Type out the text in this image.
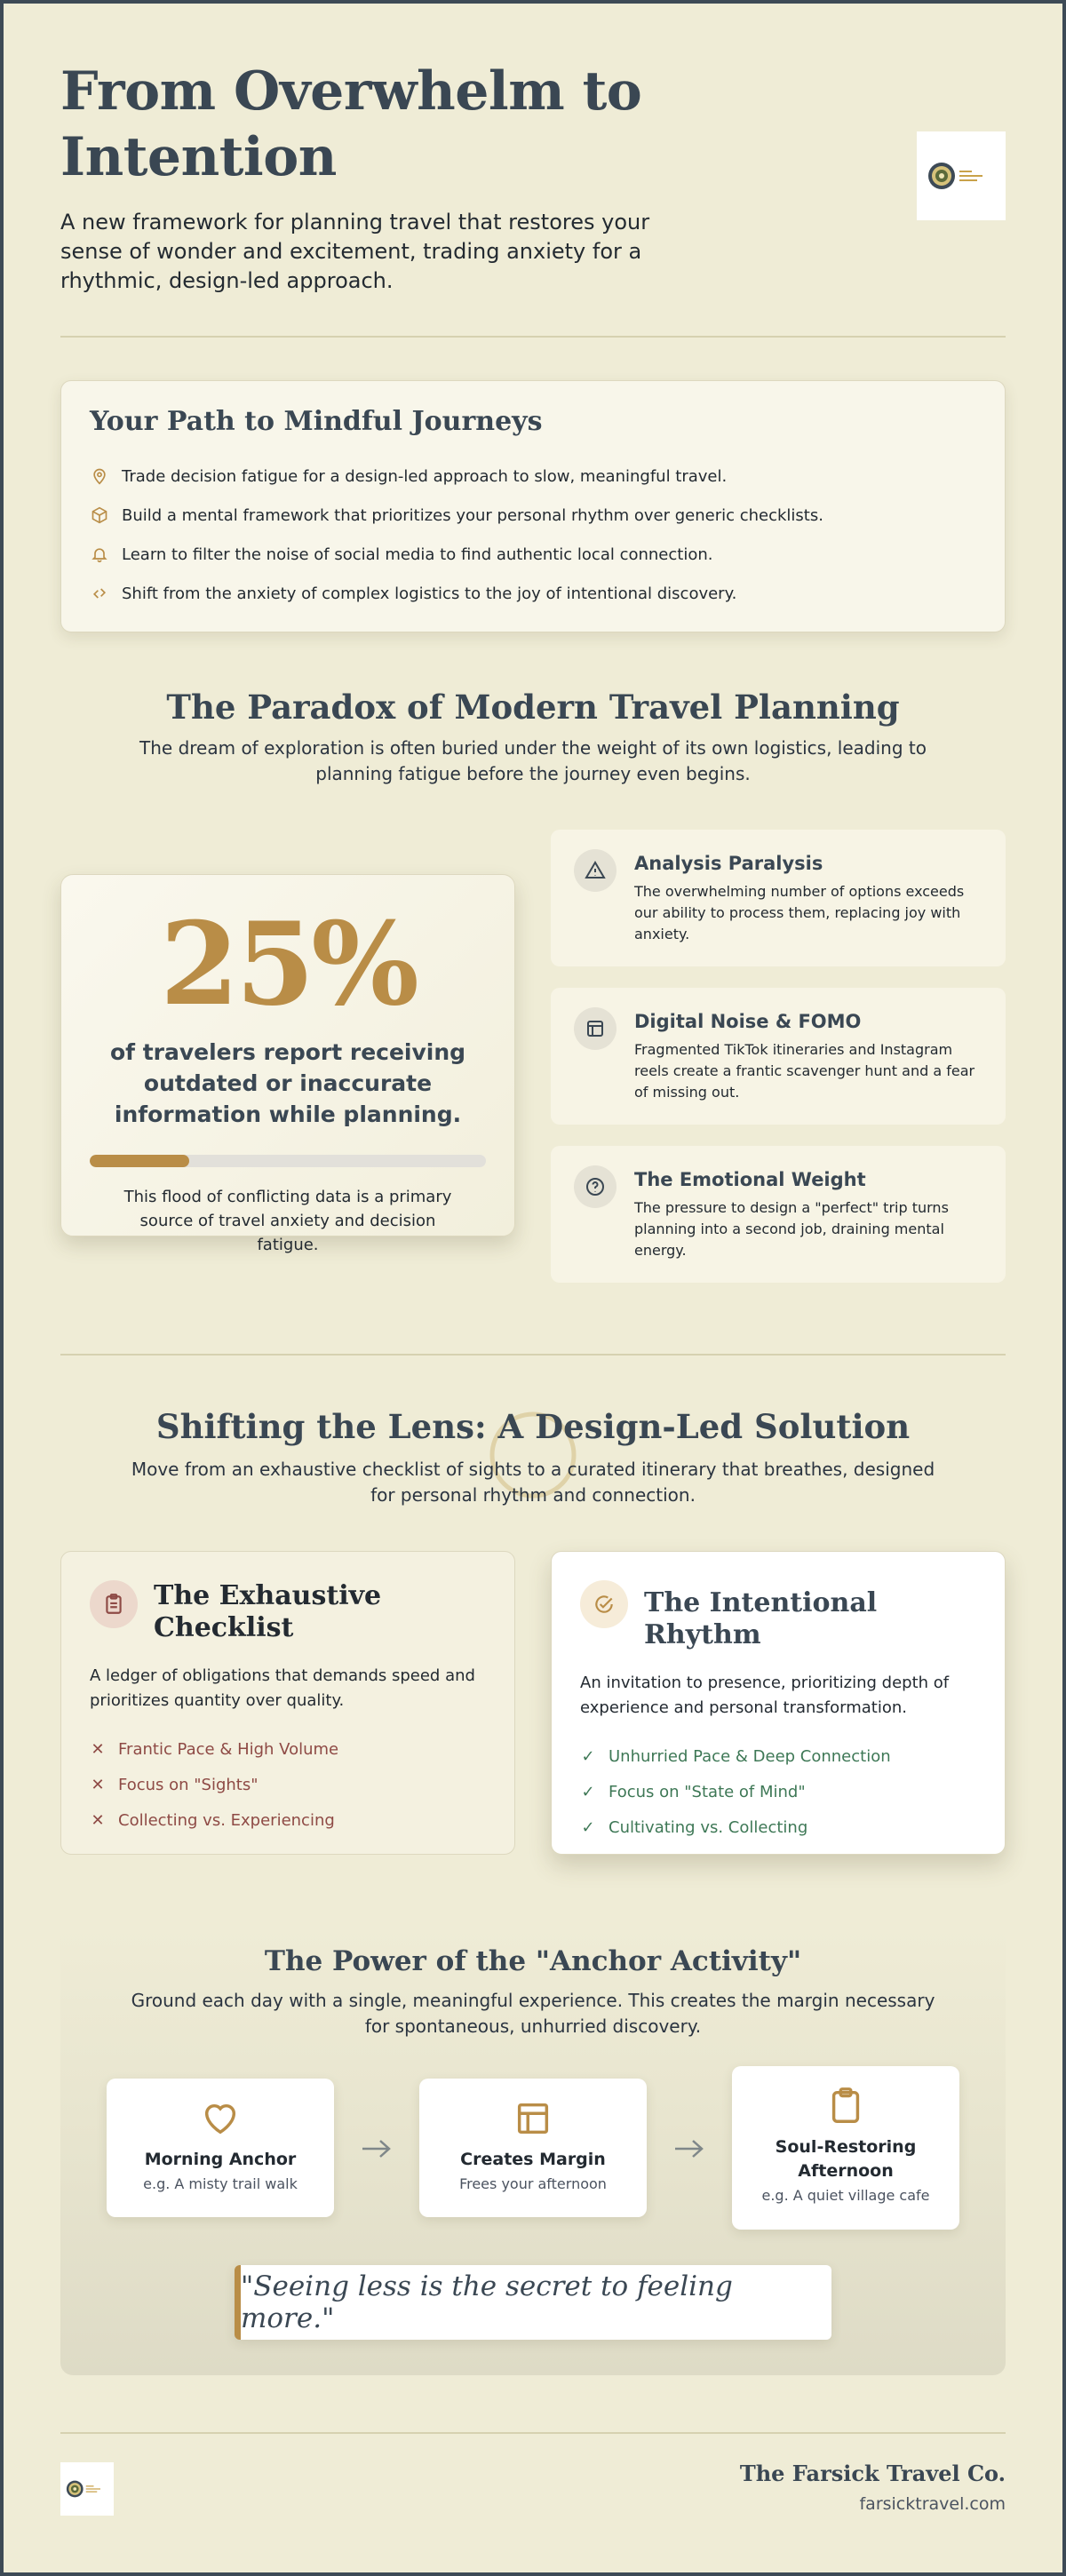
From Overwhelm to
Intention

A new framework for planning travel that restores your sense of wonder and excitement, trading anxiety for a rhythmic, design-led approach.

Your Path to Mindful Journeys
Trade decision fatigue for a design-led approach to slow, meaningful travel.
Build a mental framework that prioritizes your personal rhythm over generic checklists.
Learn to filter the noise of social media to find authentic local connection.
Shift from the anxiety of complex logistics to the joy of intentional discovery.
The Paradox of Modern Travel Planning
The dream of exploration is often buried under the weight of its own logistics, leading to planning fatigue before the journey even begins.
25%
of travelers report receiving outdated or inaccurate information while planning.
This flood of conflicting data is a primary source of travel anxiety and decision fatigue.
Analysis Paralysis

The overwhelming number of options exceeds our ability to process them, replacing joy with anxiety.

Digital Noise & FOMO

Fragmented TikTok itineraries and Instagram reels create a frantic scavenger hunt and a fear of missing out.

The Emotional Weight

The pressure to design a "perfect" trip turns planning into a second job, draining mental energy.

Shifting the Lens: A Design-Led Solution
Move from an exhaustive checklist of sights to a curated itinerary that breathes, designed for personal rhythm and connection.
The Exhaustive Checklist

A ledger of obligations that demands speed and prioritizes quantity over quality.

✕ Frantic Pace & High Volume
✕ Focus on "Sights"
✕ Collecting vs. Experiencing
The Intentional Rhythm

An invitation to presence, prioritizing depth of experience and personal transformation.

✓ Unhurried Pace & Deep Connection
✓ Focus on "State of Mind"
✓ Cultivating vs. Collecting
The Power of the "Anchor Activity"
Ground each day with a single, meaningful experience. This creates the margin necessary for spontaneous, unhurried discovery.
Morning Anchor

e.g. A misty trail walk

Creates Margin

Frees your afternoon

Soul-Restoring Afternoon

e.g. A quiet village cafe

"Seeing less is the secret to feeling more."
The Farsick Travel Co.
farsicktravel.com
